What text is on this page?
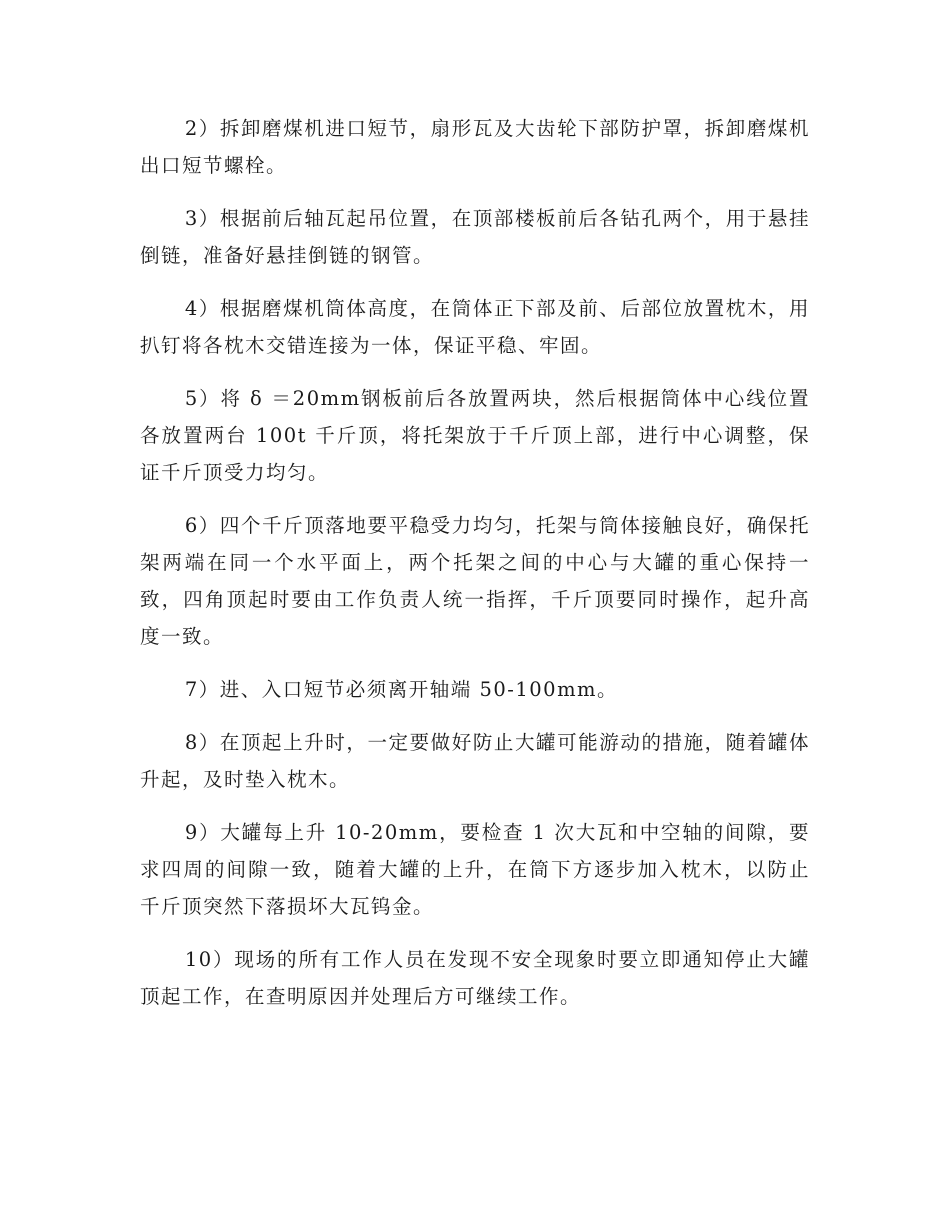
2）拆卸磨煤机进口短节，扇形瓦及大齿轮下部防护罩，拆卸磨煤机出口短节螺栓。

3）根据前后轴瓦起吊位置，在顶部楼板前后各钻孔两个，用于悬挂倒链，准备好悬挂倒链的钢管。

4）根据磨煤机筒体高度，在筒体正下部及前、后部位放置枕木，用扒钉将各枕木交错连接为一体，保证平稳、牢固。

5）将 δ ＝20mm钢板前后各放置两块，然后根据筒体中心线位置各放置两台 100t 千斤顶，将托架放于千斤顶上部，进行中心调整，保证千斤顶受力均匀。

6）四个千斤顶落地要平稳受力均匀，托架与筒体接触良好，确保托架两端在同一个水平面上，两个托架之间的中心与大罐的重心保持一致，四角顶起时要由工作负责人统一指挥，千斤顶要同时操作，起升高度一致。

7）进、入口短节必须离开轴端 50-100mm。

8）在顶起上升时，一定要做好防止大罐可能游动的措施，随着罐体升起，及时垫入枕木。

9）大罐每上升 10-20mm，要检查 1 次大瓦和中空轴的间隙，要求四周的间隙一致，随着大罐的上升，在筒下方逐步加入枕木，以防止千斤顶突然下落损坏大瓦钨金。

10）现场的所有工作人员在发现不安全现象时要立即通知停止大罐顶起工作，在查明原因并处理后方可继续工作。
